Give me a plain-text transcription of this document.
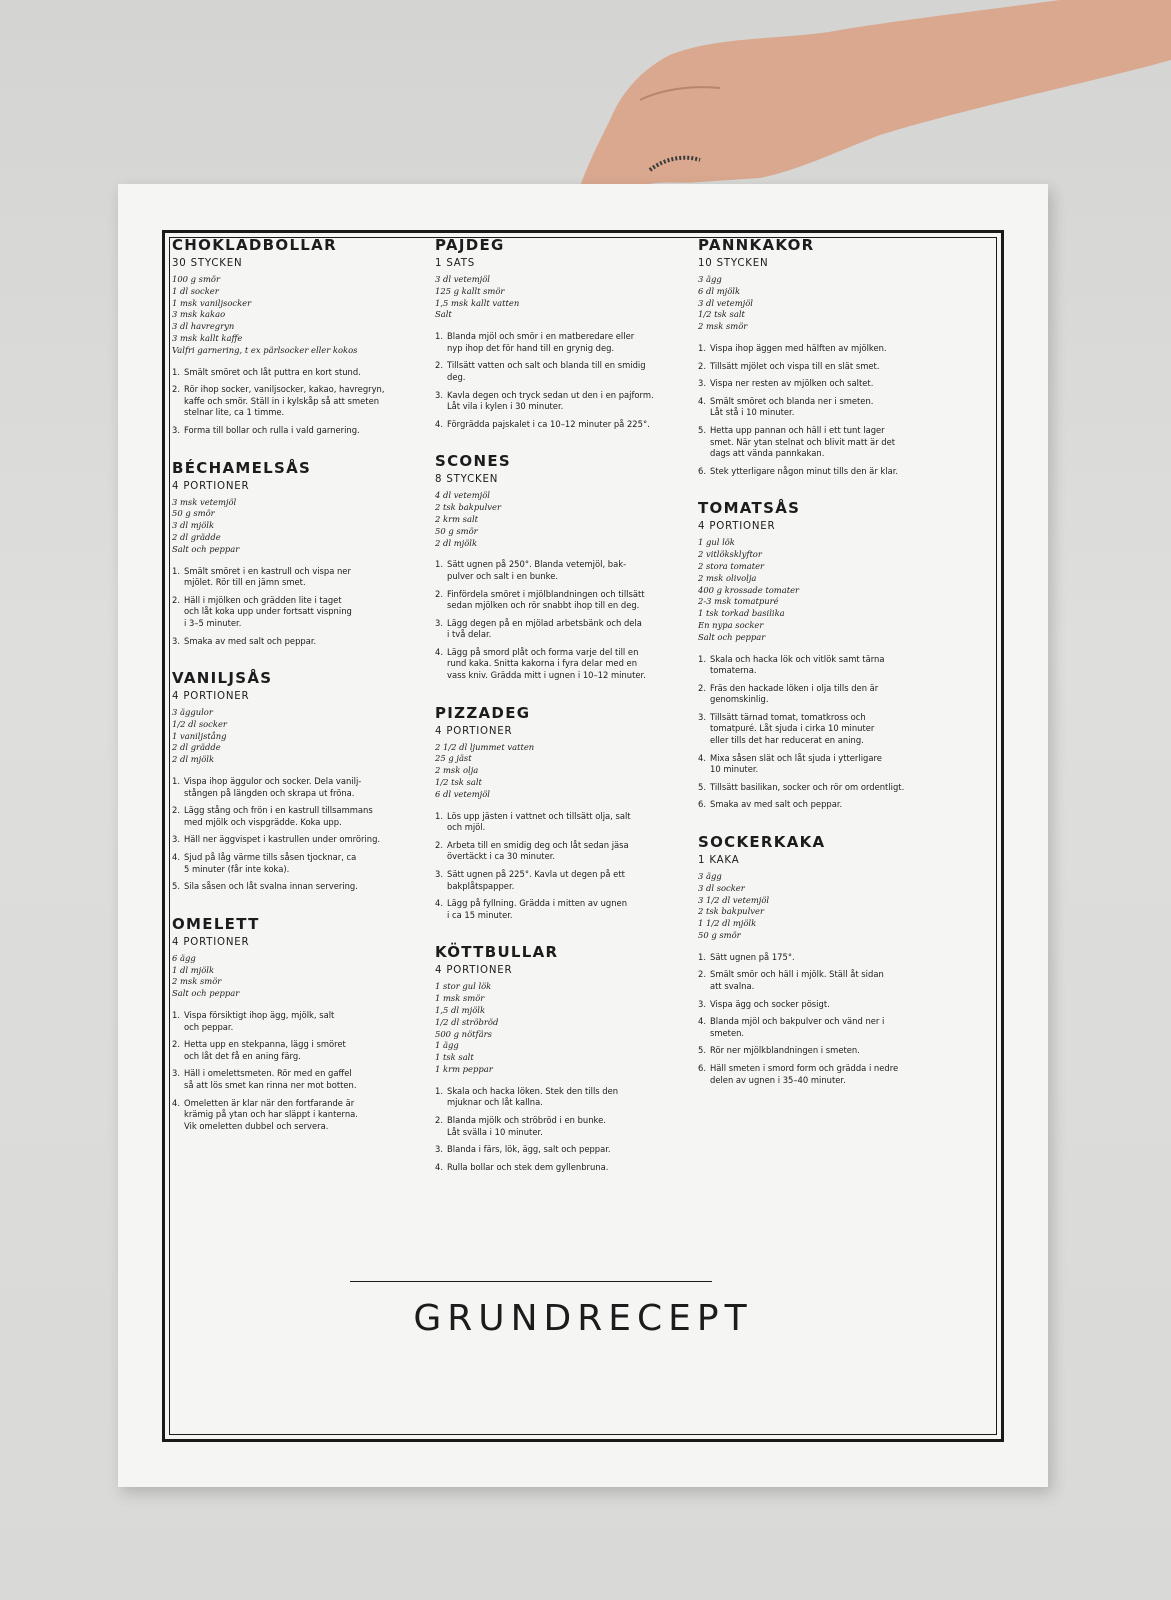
CHOKLADBOLLAR
30 STYCKEN
100 g smör
1 dl socker
1 msk vaniljsocker
3 msk kakao
3 dl havregryn
3 msk kallt kaffe
Valfri garnering, t ex pärlsocker eller kokos
1. Smält smöret och låt puttra en kort stund.
2. Rör ihop socker, vaniljsocker, kakao, havregryn,
kaffe och smör. Ställ in i kylskåp så att smeten
stelnar lite, ca 1 timme.
3. Forma till bollar och rulla i vald garnering.
BÉCHAMELSÅS
4 PORTIONER
3 msk vetemjöl
50 g smör
3 dl mjölk
2 dl grädde
Salt och peppar
1. Smält smöret i en kastrull och vispa ner
mjölet. Rör till en jämn smet.
2. Häll i mjölken och grädden lite i taget
och låt koka upp under fortsatt vispning
i 3–5 minuter.
3. Smaka av med salt och peppar.
VANILJSÅS
4 PORTIONER
3 äggulor
1/2 dl socker
1 vaniljstång
2 dl grädde
2 dl mjölk
1. Vispa ihop äggulor och socker. Dela vanilj-
stången på längden och skrapa ut fröna.
2. Lägg stång och frön i en kastrull tillsammans
med mjölk och vispgrädde. Koka upp.
3. Häll ner äggvispet i kastrullen under omröring.
4. Sjud på låg värme tills såsen tjocknar, ca
5 minuter (får inte koka).
5. Sila såsen och låt svalna innan servering.
OMELETT
4 PORTIONER
6 ägg
1 dl mjölk
2 msk smör
Salt och peppar
1. Vispa försiktigt ihop ägg, mjölk, salt
och peppar.
2. Hetta upp en stekpanna, lägg i smöret
och låt det få en aning färg.
3. Häll i omelettsmeten. Rör med en gaffel
så att lös smet kan rinna ner mot botten.
4. Omeletten är klar när den fortfarande är
krämig på ytan och har släppt i kanterna.
Vik omeletten dubbel och servera.
PAJDEG
1 SATS
3 dl vetemjöl
125 g kallt smör
1,5 msk kallt vatten
Salt
1. Blanda mjöl och smör i en matberedare eller
nyp ihop det för hand till en grynig deg.
2. Tillsätt vatten och salt och blanda till en smidig deg.
3. Kavla degen och tryck sedan ut den i en pajform.
Låt vila i kylen i 30 minuter.
4. Förgrädda pajskalet i ca 10–12 minuter på 225°.
SCONES
8 STYCKEN
4 dl vetemjöl
2 tsk bakpulver
2 krm salt
50 g smör
2 dl mjölk
1. Sätt ugnen på 250°. Blanda vetemjöl, bak-
pulver och salt i en bunke.
2. Finfördela smöret i mjölblandningen och tillsätt
sedan mjölken och rör snabbt ihop till en deg.
3. Lägg degen på en mjölad arbetsbänk och dela
i två delar.
4. Lägg på smord plåt och forma varje del till en
rund kaka. Snitta kakorna i fyra delar med en
vass kniv. Grädda mitt i ugnen i 10–12 minuter.
PIZZADEG
4 PORTIONER
2 1/2 dl ljummet vatten
25 g jäst
2 msk olja
1/2 tsk salt
6 dl vetemjöl
1. Lös upp jästen i vattnet och tillsätt olja, salt
och mjöl.
2. Arbeta till en smidig deg och låt sedan jäsa
övertäckt i ca 30 minuter.
3. Sätt ugnen på 225°. Kavla ut degen på ett
bakplåtspapper.
4. Lägg på fyllning. Grädda i mitten av ugnen
i ca 15 minuter.
KÖTTBULLAR
4 PORTIONER
1 stor gul lök
1 msk smör
1,5 dl mjölk
1/2 dl ströbröd
500 g nötfärs
1 ägg
1 tsk salt
1 krm peppar
1. Skala och hacka löken. Stek den tills den
mjuknar och låt kallna.
2. Blanda mjölk och ströbröd i en bunke.
Låt svälla i 10 minuter.
3. Blanda i färs, lök, ägg, salt och peppar.
4. Rulla bollar och stek dem gyllenbruna.
PANNKAKOR
10 STYCKEN
3 ägg
6 dl mjölk
3 dl vetemjöl
1/2 tsk salt
2 msk smör
1. Vispa ihop äggen med hälften av mjölken.
2. Tillsätt mjölet och vispa till en slät smet.
3. Vispa ner resten av mjölken och saltet.
4. Smält smöret och blanda ner i smeten.
Låt stå i 10 minuter.
5. Hetta upp pannan och häll i ett tunt lager
smet. När ytan stelnat och blivit matt är det
dags att vända pannkakan.
6. Stek ytterligare någon minut tills den är klar.
TOMATSÅS
4 PORTIONER
1 gul lök
2 vitlöksklyftor
2 stora tomater
2 msk olivolja
400 g krossade tomater
2-3 msk tomatpuré
1 tsk torkad basilika
En nypa socker
Salt och peppar
1. Skala och hacka lök och vitlök samt tärna
tomaterna.
2. Fräs den hackade löken i olja tills den är
genomskinlig.
3. Tillsätt tärnad tomat, tomatkross och
tomatpuré. Låt sjuda i cirka 10 minuter
eller tills det har reducerat en aning.
4. Mixa såsen slät och låt sjuda i ytterligare
10 minuter.
5. Tillsätt basilikan, socker och rör om ordentligt.
6. Smaka av med salt och peppar.
SOCKERKAKA
1 KAKA
3 ägg
3 dl socker
3 1/2 dl vetemjöl
2 tsk bakpulver
1 1/2 dl mjölk
50 g smör
1. Sätt ugnen på 175°.
2. Smält smör och häll i mjölk. Ställ åt sidan
att svalna.
3. Vispa ägg och socker pösigt.
4. Blanda mjöl och bakpulver och vänd ner i
smeten.
5. Rör ner mjölkblandningen i smeten.
6. Häll smeten i smord form och grädda i nedre
delen av ugnen i 35–40 minuter.
GRUNDRECEPT
